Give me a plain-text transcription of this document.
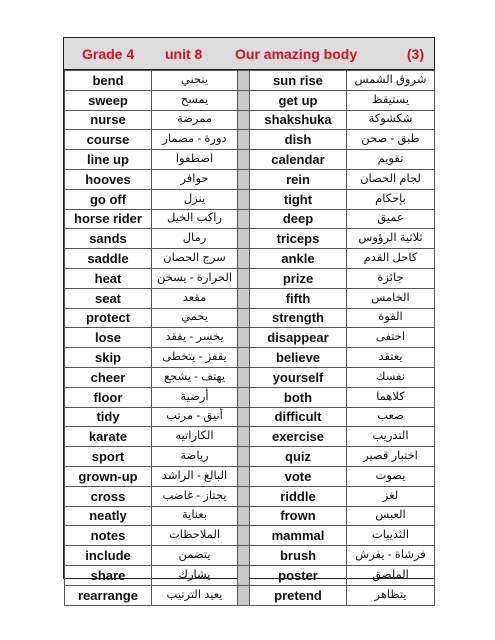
Grade 4 unit 8 Our amazing body	(3)
bend	ينحني		sun rise	شروق الشمس
sweep	يمسح		get up	يستيقظ
nurse	ممرضة		shakshuka	شكشوكة
course	دورة - مضمار		dish	طبق - صحن
line up	اصطفوا		calendar	تقويم
hooves	حوافر		rein	لجام الحصان
go off	ينزل		tight	بإحكام
horse rider	راكب الخيل		deep	عميق
sands	رمال		triceps	ثلاثية الرؤوس
saddle	سرج الحصان		ankle	كاحل القدم
heat	الحرارة - يسخن		prize	جائزة
seat	مقعد		fifth	الخامس
protect	يحمي		strength	القوة
lose	يخسر - يفقد		disappear	اختفى
skip	يقفز - يتخطى		believe	يعتقد
cheer	يهتف - يشجع		yourself	نفسك
floor	أرضية		both	كلاهما
tidy	أنيق - مرتب		difficult	صعب
karate	الكاراتيه		exercise	التدريب
sport	رياضة		quiz	اختبار قصير
grown-up	البالغ - الراشد		vote	يصوت
cross	يجتاز - غاضب		riddle	لغز
neatly	بعناية		frown	العبس
notes	الملاحظات		mammal	الثدييات
include	يتضمن		brush	فرشاة - يفرش
share	يشارك		poster	الملصق
rearrange	يعيد الترتيب		pretend	يتظاهر
